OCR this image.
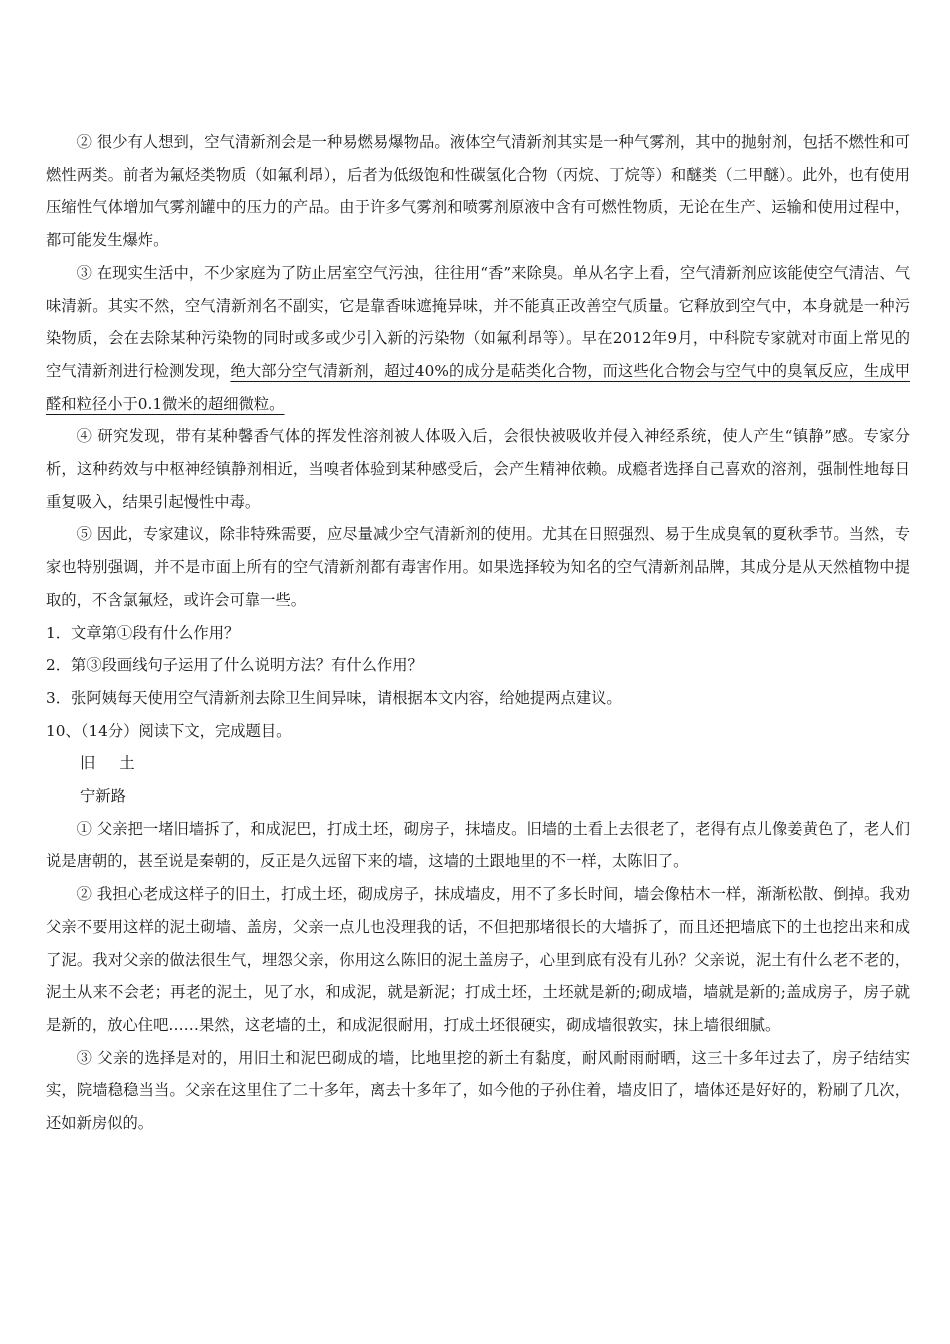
② 很少有人想到，空气清新剂会是一种易燃易爆物品。液体空气清新剂其实是一种气雾剂，其中的抛射剂，包括不燃性和可燃性两类。前者为氟烃类物质（如氟利昂），后者为低级饱和性碳氢化合物（丙烷、丁烷等）和醚类（二甲醚）。此外，也有使用压缩性气体增加气雾剂罐中的压力的产品。由于许多气雾剂和喷雾剂原液中含有可燃性物质，无论在生产、运输和使用过程中，都可能发生爆炸。

③ 在现实生活中，不少家庭为了防止居室空气污浊，往往用“香”来除臭。单从名字上看，空气清新剂应该能使空气清洁、气味清新。其实不然，空气清新剂名不副实，它是靠香味遮掩异味，并不能真正改善空气质量。它释放到空气中，本身就是一种污染物质，会在去除某种污染物的同时或多或少引入新的污染物（如氟利昂等）。早在2012年9月，中科院专家就对市面上常见的空气清新剂进行检测发现，绝大部分空气清新剂，超过40%的成分是萜类化合物，而这些化合物会与空气中的臭氧反应，生成甲醛和粒径小于0.1微米的超细微粒。

④ 研究发现，带有某种馨香气体的挥发性溶剂被人体吸入后，会很快被吸收并侵入神经系统，使人产生“镇静”感。专家分析，这种药效与中枢神经镇静剂相近，当嗅者体验到某种感受后，会产生精神依赖。成瘾者选择自己喜欢的溶剂，强制性地每日重复吸入，结果引起慢性中毒。

⑤ 因此，专家建议，除非特殊需要，应尽量减少空气清新剂的使用。尤其在日照强烈、易于生成臭氧的夏秋季节。当然，专家也特别强调，并不是市面上所有的空气清新剂都有毒害作用。如果选择较为知名的空气清新剂品牌，其成分是从天然植物中提取的，不含氯氟烃，或许会可靠一些。

1．文章第①段有什么作用？

2．第③段画线句子运用了什么说明方法？有什么作用？

3．张阿姨每天使用空气清新剂去除卫生间异味，请根据本文内容，给她提两点建议。

10、（14分）阅读下文，完成题目。

旧 土

宁新路

① 父亲把一堵旧墙拆了，和成泥巴，打成土坯，砌房子，抹墙皮。旧墙的土看上去很老了，老得有点儿像姜黄色了，老人们说是唐朝的，甚至说是秦朝的，反正是久远留下来的墙，这墙的土跟地里的不一样，太陈旧了。

② 我担心老成这样子的旧土，打成土坯，砌成房子，抹成墙皮，用不了多长时间，墙会像枯木一样，渐渐松散、倒掉。我劝父亲不要用这样的泥土砌墙、盖房，父亲一点儿也没理我的话，不但把那堵很长的大墙拆了，而且还把墙底下的土也挖出来和成了泥。我对父亲的做法很生气，埋怨父亲，你用这么陈旧的泥土盖房子，心里到底有没有儿孙？父亲说，泥土有什么老不老的，泥土从来不会老；再老的泥土，见了水，和成泥，就是新泥；打成土坯，土坯就是新的;砌成墙，墙就是新的;盖成房子，房子就是新的，放心住吧……果然，这老墙的土，和成泥很耐用，打成土坯很硬实，砌成墙很敦实，抹上墙很细腻。

③ 父亲的选择是对的，用旧土和泥巴砌成的墙，比地里挖的新土有黏度，耐风耐雨耐晒，这三十多年过去了，房子结结实实，院墙稳稳当当。父亲在这里住了二十多年，离去十多年了，如今他的子孙住着，墙皮旧了，墙体还是好好的，粉刷了几次，还如新房似的。
